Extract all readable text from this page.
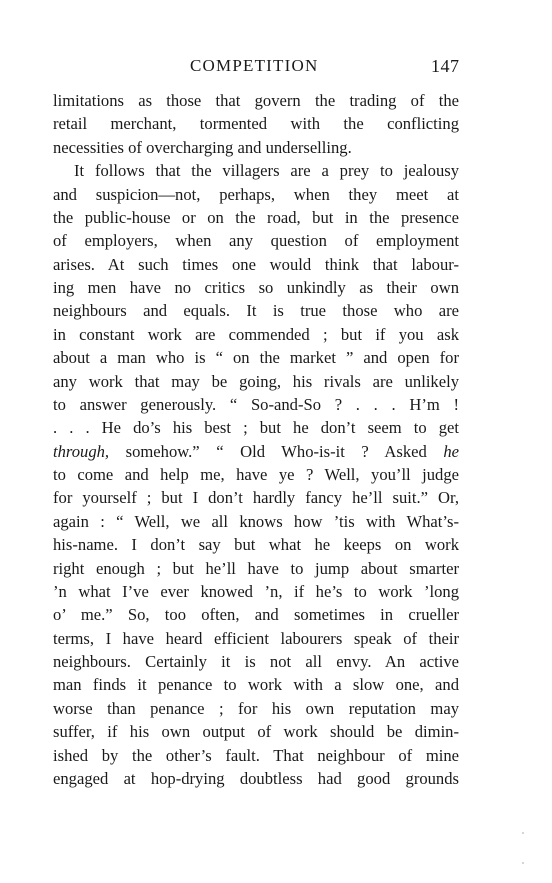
COMPETITION	147
limitations as those that govern the trading of the
retail merchant, tormented with the conflicting
necessities of overcharging and underselling.
It follows that the villagers are a prey to jealousy
and suspicion—not, perhaps, when they meet at
the public-house or on the road, but in the presence
of employers, when any question of employment
arises. At such times one would think that labour-
ing men have no critics so unkindly as their own
neighbours and equals. It is true those who are
in constant work are commended ; but if you ask
about a man who is “ on the market ” and open for
any work that may be going, his rivals are unlikely
to answer generously. “ So-and-So ? . . . H’m !
. . . He do’s his best ; but he don’t seem to get
through, somehow.” “ Old Who-is-it ? Asked he
to come and help me, have ye ? Well, you’ll judge
for yourself ; but I don’t hardly fancy he’ll suit.” Or,
again : “ Well, we all knows how ’tis with What’s-
his-name. I don’t say but what he keeps on work
right enough ; but he’ll have to jump about smarter
’n what I’ve ever knowed ’n, if he’s to work ’long
o’ me.” So, too often, and sometimes in crueller
terms, I have heard efficient labourers speak of their
neighbours. Certainly it is not all envy. An active
man finds it penance to work with a slow one, and
worse than penance ; for his own reputation may
suffer, if his own output of work should be dimin-
ished by the other’s fault. That neighbour of mine
engaged at hop-drying doubtless had good grounds
